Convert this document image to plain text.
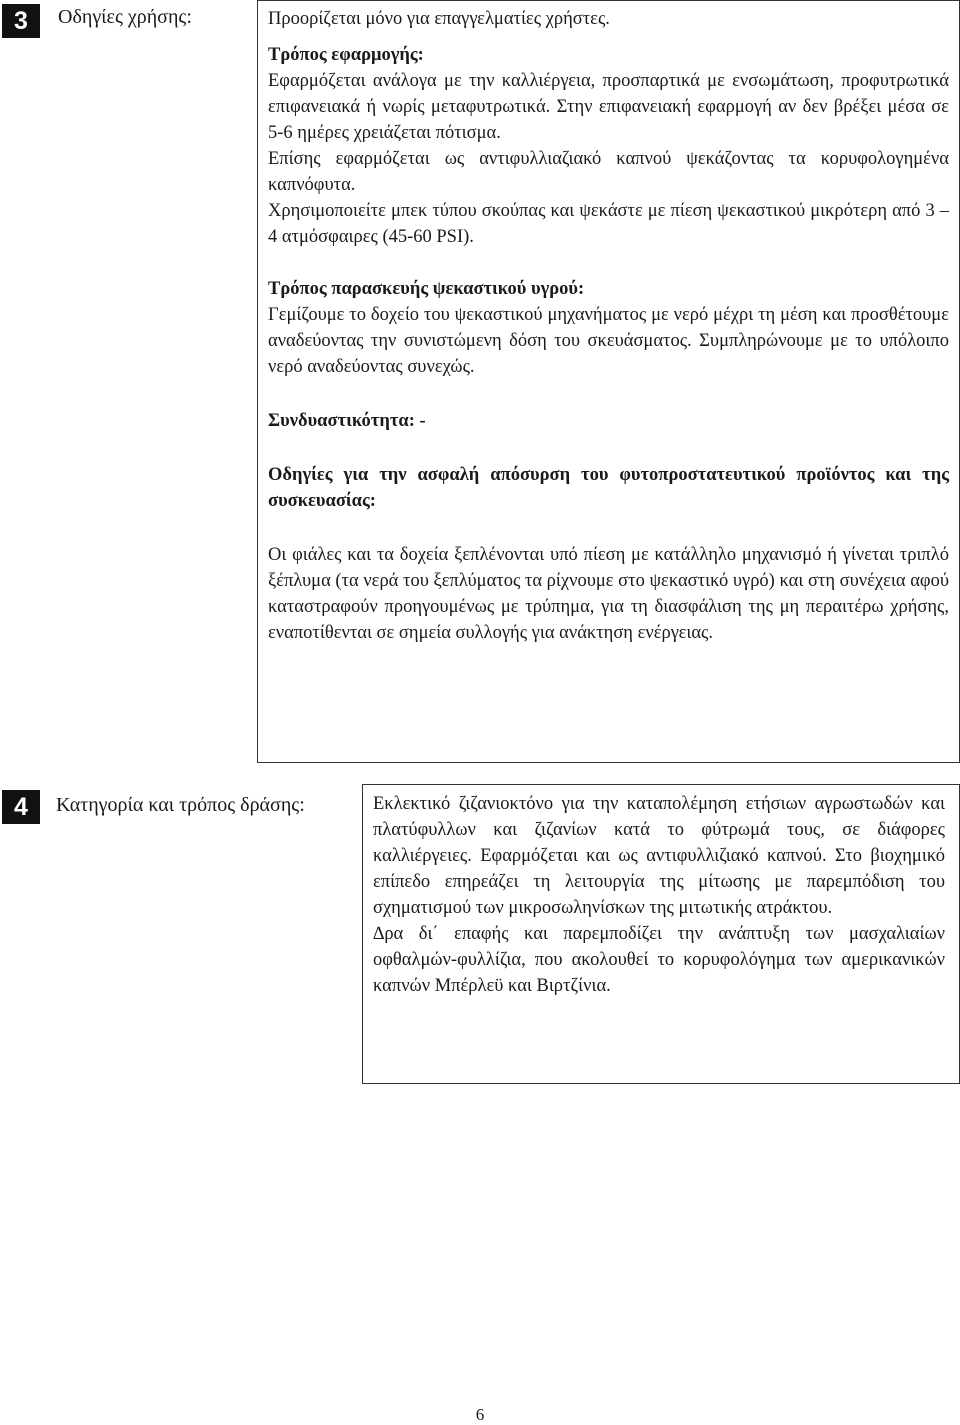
3	Οδηγίες χρήσης:	Προορίζεται μόνο για επαγγελματίες χρήστες.

Τρόπος εφαρμογής:

Εφαρμόζεται ανάλογα με την καλλιέργεια, προσπαρτικά με ενσωμάτωση, προφυτρωτικά επιφανειακά ή νωρίς μεταφυτρωτικά. Στην επιφανειακή εφαρμογή αν δεν βρέξει μέσα σε 5-6 ημέρες χρειάζεται πότισμα.

Επίσης εφαρμόζεται ως αντιφυλλιαζιακό καπνού ψεκάζοντας τα κορυφολογημένα καπνόφυτα.

Χρησιμοποιείτε μπεκ τύπου σκούπας και ψεκάστε με πίεση ψεκαστικού μικρότερη από 3 –4 ατμόσφαιρες (45-60 PSI).

Τρόπος παρασκευής ψεκαστικού υγρού:

Γεμίζουμε το δοχείο του ψεκαστικού μηχανήματος με νερό μέχρι τη μέση και προσθέτουμε αναδεύοντας την συνιστώμενη δόση του σκευάσματος. Συμπληρώνουμε με το υπόλοιπο νερό αναδεύοντας συνεχώς.

Συνδυαστικότητα: -

Οδηγίες για την ασφαλή απόσυρση του φυτοπροστατευτικού προϊόντος και της συσκευασίας:

Οι φιάλες και τα δοχεία ξεπλένονται υπό πίεση με κατάλληλο μηχανισμό ή γίνεται τριπλό ξέπλυμα (τα νερά του ξεπλύματος τα ρίχνουμε στο ψεκαστικό υγρό) και στη συνέχεια αφού καταστραφούν προηγουμένως με τρύπημα, για τη διασφάλιση της μη περαιτέρω χρήσης, εναποτίθενται σε σημεία συλλογής για ανάκτηση ενέργειας.

4	Κατηγορία και τρόπος δράσης:	Εκλεκτικό ζιζανιοκτόνο για την καταπολέμηση ετήσιων αγρωστωδών και πλατύφυλλων και ζιζανίων κατά το φύτρωμά τους, σε διάφορες καλλιέργειες. Εφαρμόζεται και ως αντιφυλλιζιακό καπνού. Στο βιοχημικό επίπεδο επηρεάζει τη λειτουργία της μίτωσης με παρεμπόδιση του σχηματισμού των μικροσωληνίσκων της μιτωτικής ατράκτου.

∆ρα δι΄ επαφής και παρεμποδίζει την ανάπτυξη των μασχαλιαίων οφθαλμών-φυλλίζια, που ακολουθεί το κορυφολόγημα των αμερικανικών καπνών Μπέρλεϋ και Βιρτζίνια.

6
